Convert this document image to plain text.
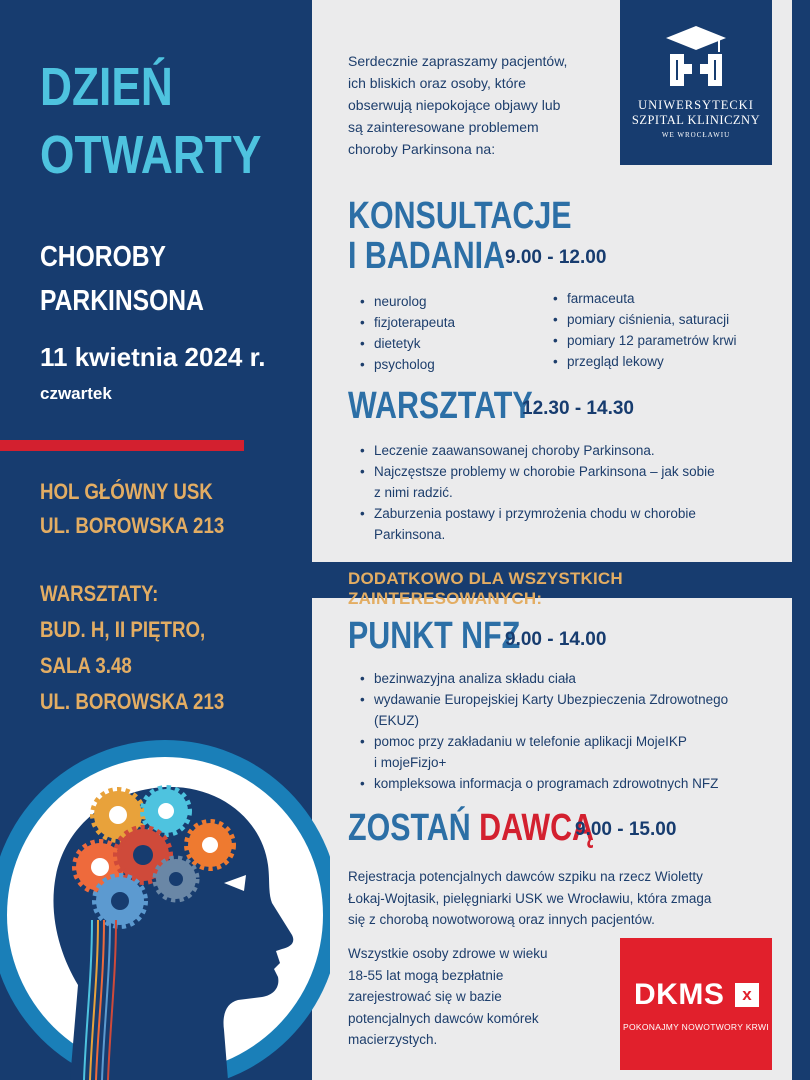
DZIEŃ
OTWARTY
CHOROBY
PARKINSONA
11 kwietnia 2024 r.
czwartek
HOL GŁÓWNY USK
UL. BOROWSKA 213
WARSZTATY:
BUD. H, II PIĘTRO,
SALA 3.48
UL. BOROWSKA 213
Serdecznie zapraszamy pacjentów,
ich bliskich oraz osoby, które
obserwują niepokojące objawy lub
są zainteresowane problemem
choroby Parkinsona na:
UNIWERSYTECKI
SZPITAL KLINICZNY
WE WROCŁAWIU
KONSULTACJE
I BADANIA 9.00 - 12.00
• neurolog
• fizjoterapeuta
• dietetyk
• psycholog
• farmaceuta
• pomiary ciśnienia, saturacji
• pomiary 12 parametrów krwi
• przegląd lekowy
WARSZTATY
12.30 - 14.30
• Leczenie zaawansowanej choroby Parkinsona.
• Najczęstsze problemy w chorobie Parkinsona – jak sobie
z nimi radzić.
• Zaburzenia postawy i przymrożenia chodu w chorobie
Parkinsona.
DODATKOWO DLA WSZYSTKICH ZAINTERESOWANYCH:
PUNKT NFZ
9.00 - 14.00
• bezinwazyjna analiza składu ciała
• wydawanie Europejskiej Karty Ubezpieczenia Zdrowotnego
(EKUZ)
• pomoc przy zakładaniu w telefonie aplikacji MojeIKP
i mojeFizjo+
• kompleksowa informacja o programach zdrowotnych NFZ
ZOSTAŃ DAWCĄ
9.00 - 15.00
Rejestracja potencjalnych dawców szpiku na rzecz Wioletty
Łokaj-Wojtasik, pielęgniarki USK we Wrocławiu, która zmaga
się z chorobą nowotworową oraz innych pacjentów.
Wszystkie osoby zdrowe w wieku
18-55 lat mogą bezpłatnie
zarejestrować się w bazie
potencjalnych dawców komórek
macierzystych.
DKMS	x
POKONAJMY NOWOTWORY KRWI
